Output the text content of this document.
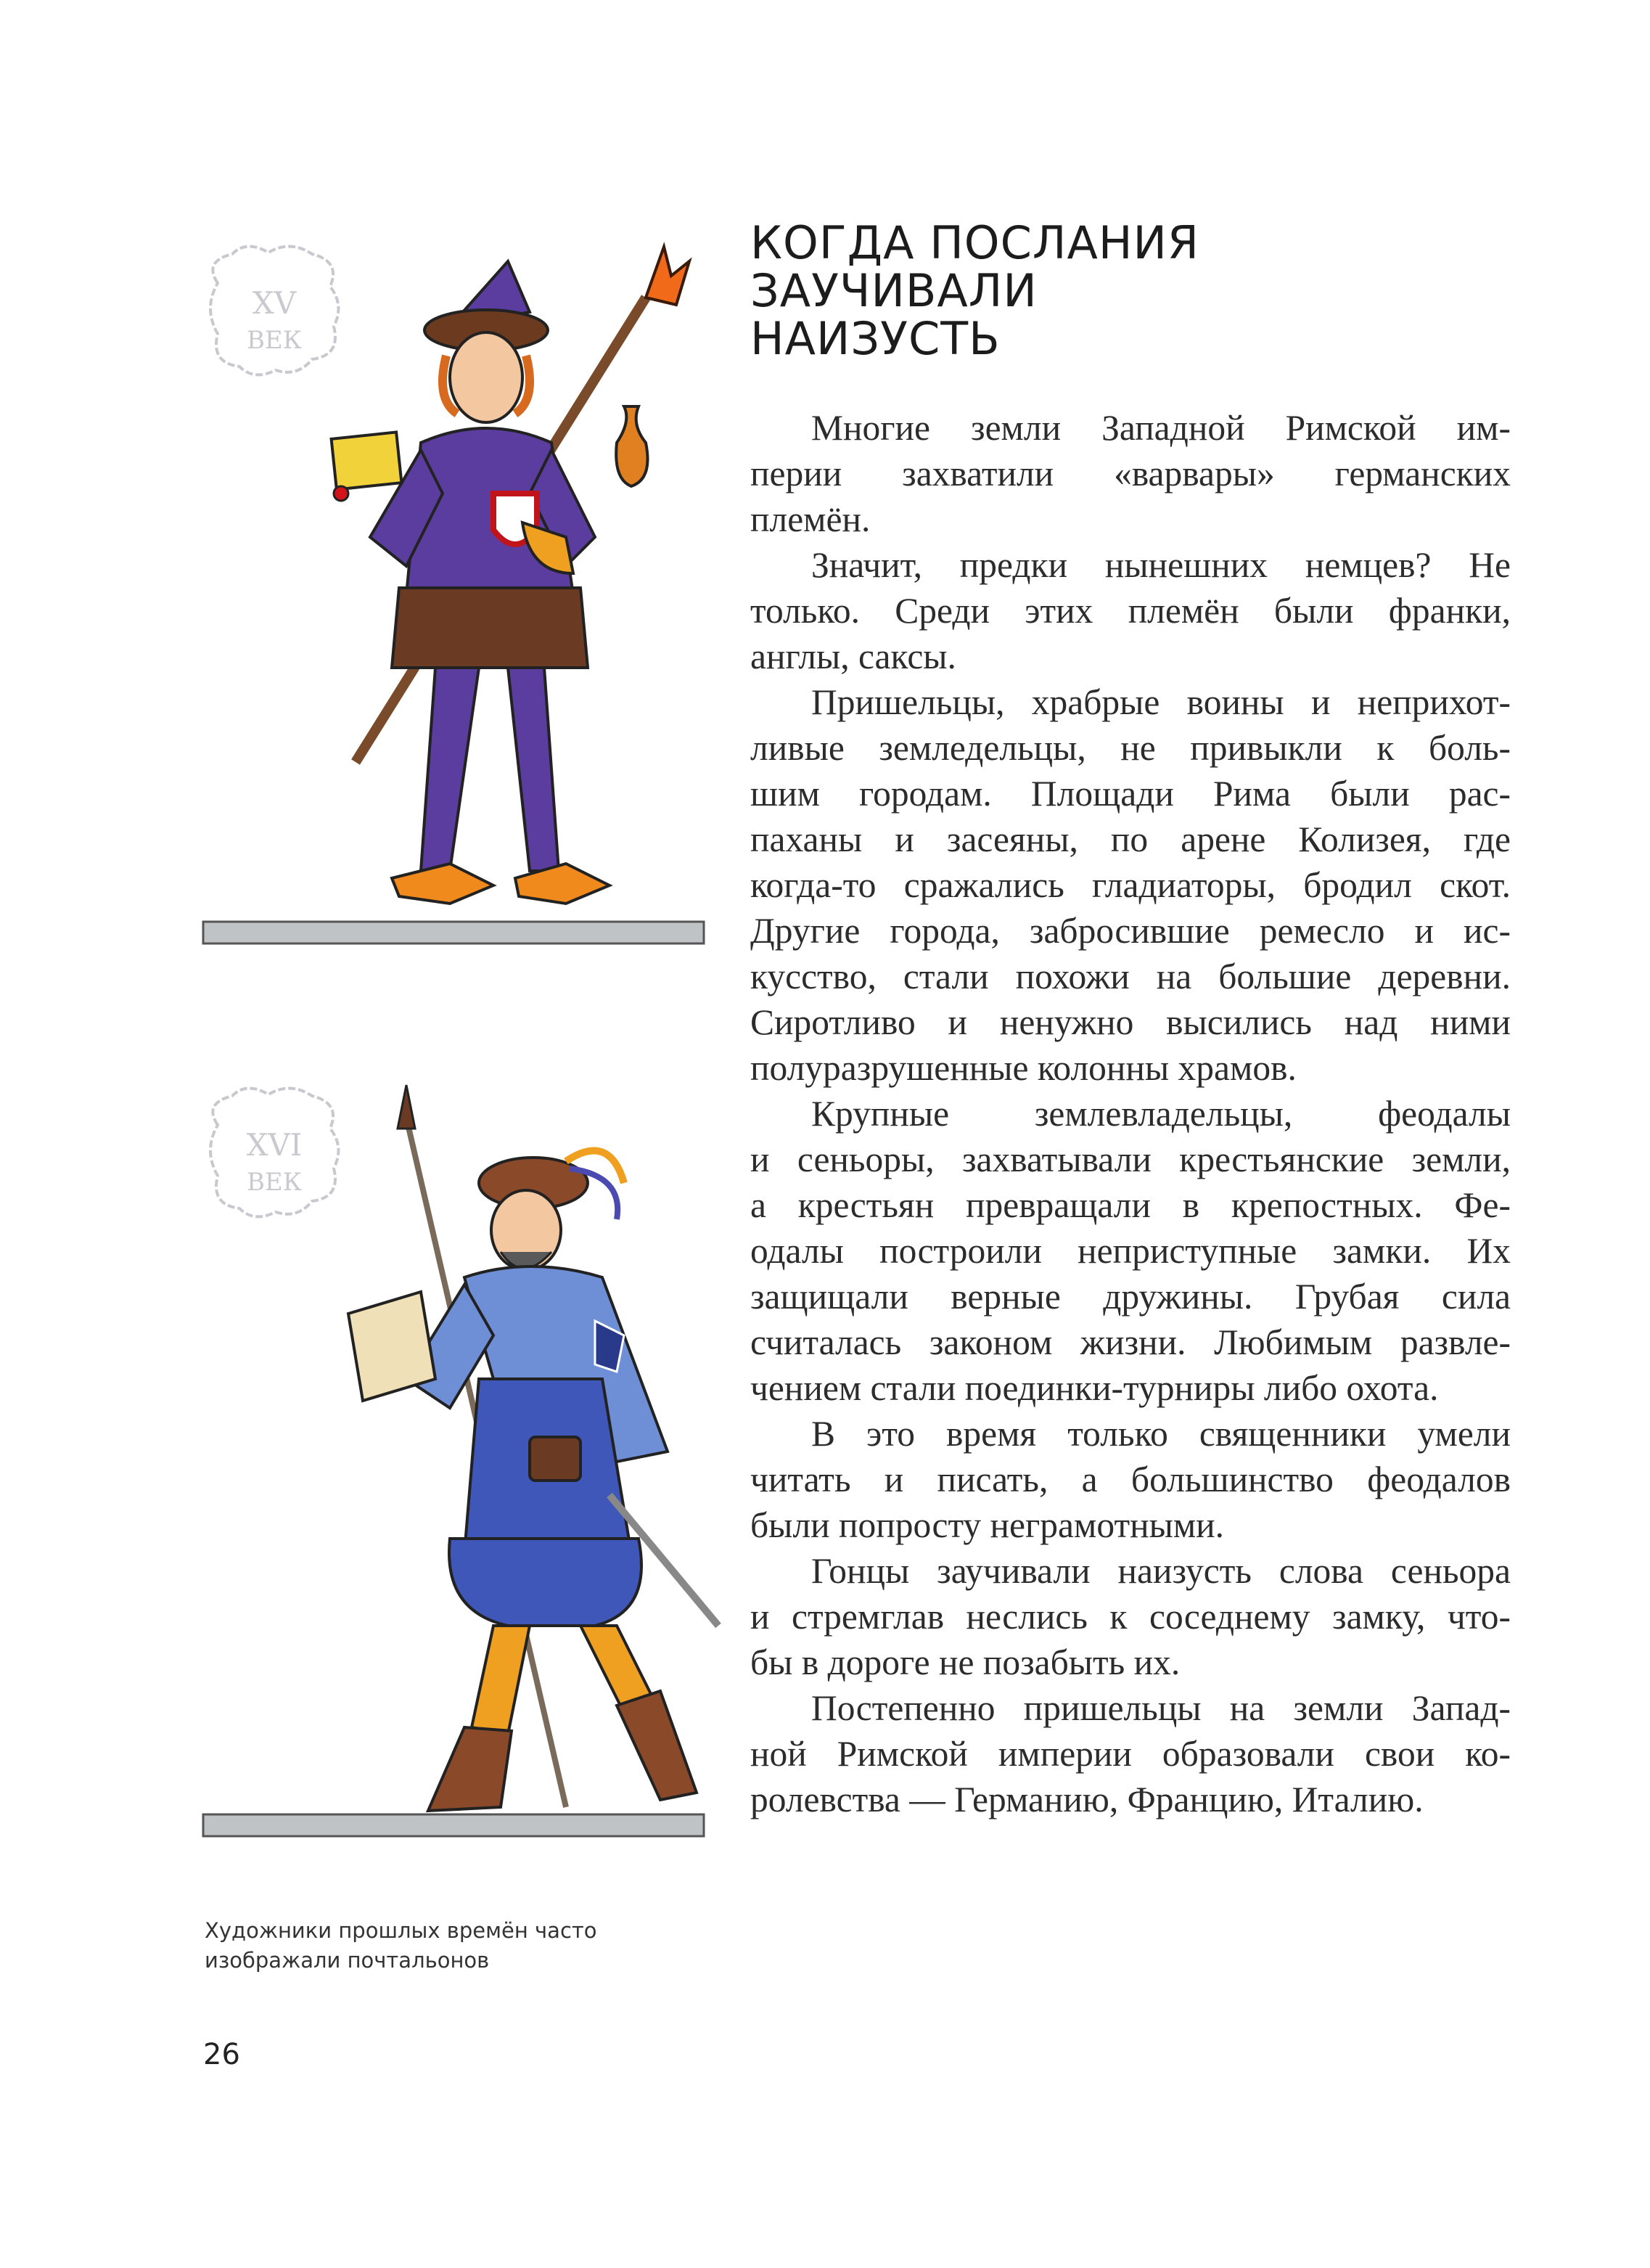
XV
ВЕК
XVI
ВЕК
КОГДА ПОСЛАНИЯ
ЗАУЧИВАЛИ
НАИЗУСТЬ
Многие земли Западной Римской им-
перии захватили «варвары» германских
племён.
Значит, предки нынешних немцев? Не
только. Среди этих племён были франки,
англы, саксы.
Пришельцы, храбрые воины и неприхот-
ливые земледельцы, не привыкли к боль-
шим городам. Площади Рима были рас-
паханы и засеяны, по арене Колизея, где
когда-то сражались гладиаторы, бродил скот.
Другие города, забросившие ремесло и ис-
кусство, стали похожи на большие деревни.
Сиротливо и ненужно высились над ними
полуразрушенные колонны храмов.
Крупные землевладельцы, феодалы
и сеньоры, захватывали крестьянские земли,
а крестьян превращали в крепостных. Фе-
одалы построили неприступные замки. Их
защищали верные дружины. Грубая сила
считалась законом жизни. Любимым развле-
чением стали поединки-турниры либо охота.
В это время только священники умели
читать и писать, а большинство феодалов
были попросту неграмотными.
Гонцы заучивали наизусть слова сеньора
и стремглав неслись к соседнему замку, что-
бы в дороге не позабыть их.
Постепенно пришельцы на земли Запад-
ной Римской империи образовали свои ко-
ролевства — Германию, Францию, Италию.
Художники прошлых времён часто
изображали почтальонов
26
